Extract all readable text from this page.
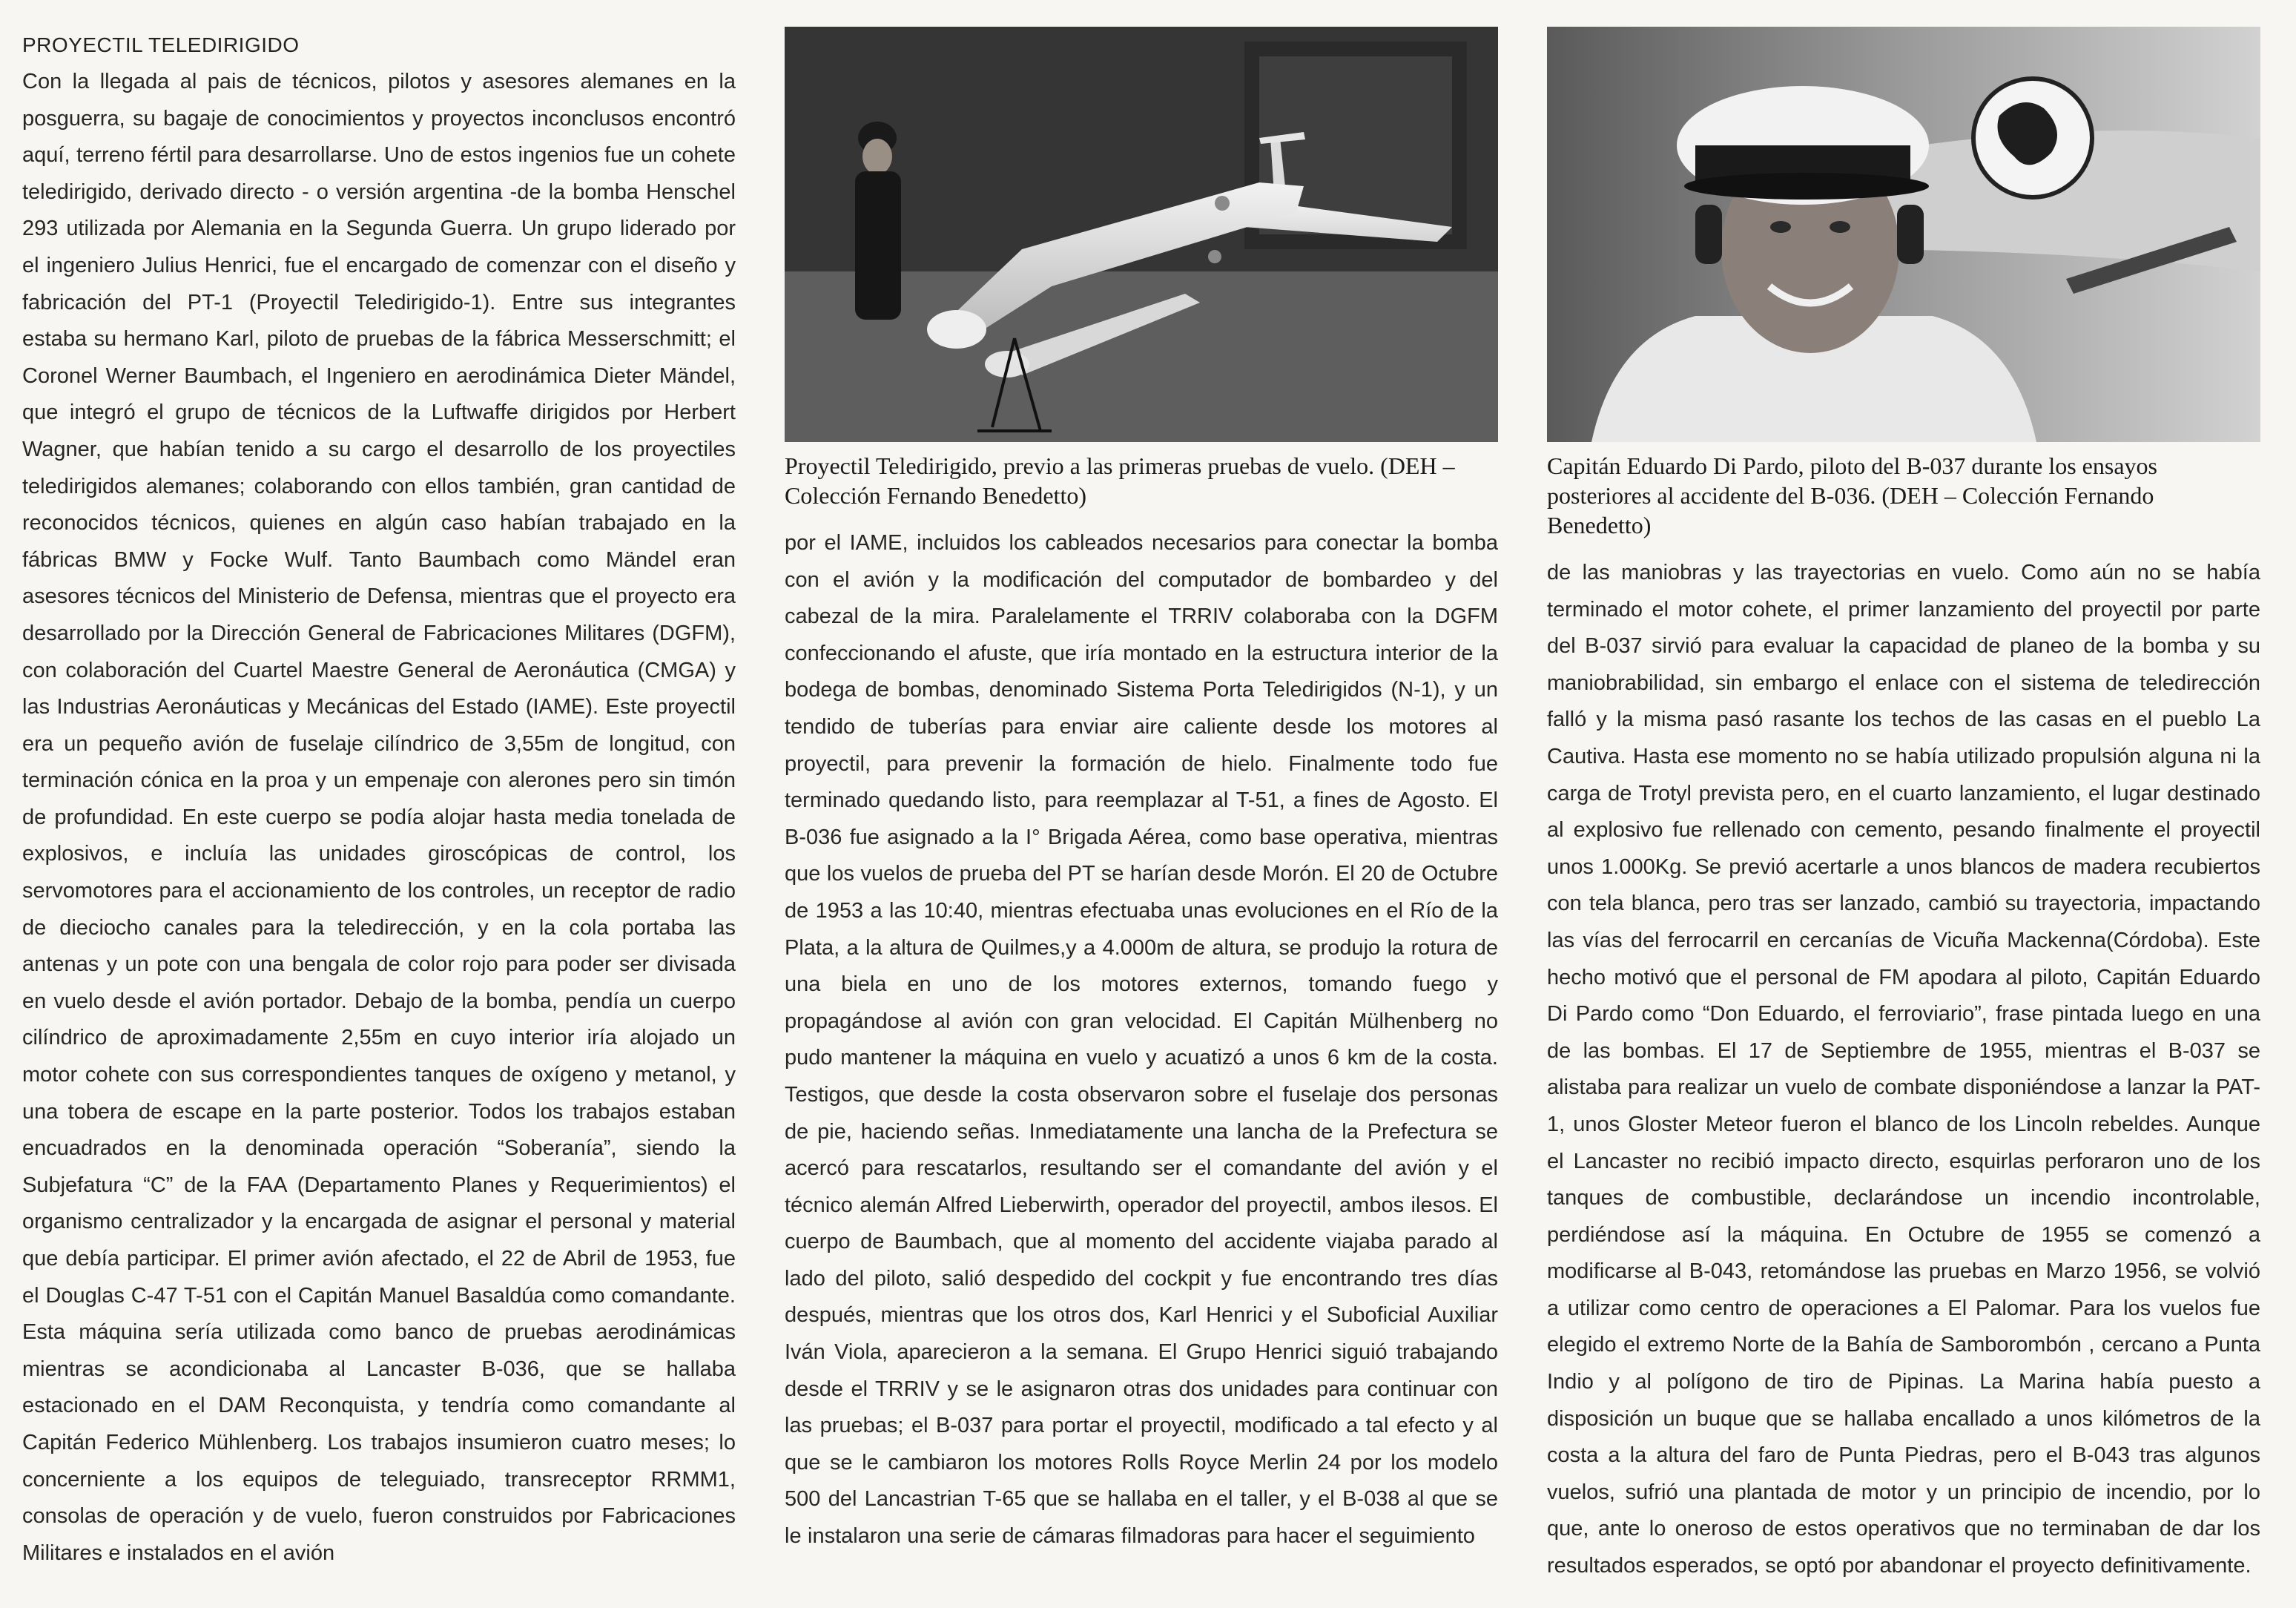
PROYECTIL TELEDIRIGIDO

Con la llegada al pais de técnicos, pilotos y asesores alemanes en la posguerra, su bagaje de conocimientos y proyectos inconclusos encontró aquí, terreno fértil para desarrollarse. Uno de estos ingenios fue un cohete teledirigido, derivado directo - o versión argentina -de la bomba Henschel 293 utilizada por Alemania en la Segunda Guerra. Un grupo liderado por el ingeniero Julius Henrici, fue el encargado de comenzar con el diseño y fabricación del PT-1 (Proyectil Teledirigido-1). Entre sus integrantes estaba su hermano Karl, piloto de pruebas de la fábrica Messerschmitt; el Coronel Werner Baumbach, el Ingeniero en aerodinámica Dieter Mändel, que integró el grupo de técnicos de la Luftwaffe dirigidos por Herbert Wagner, que habían tenido a su cargo el desarrollo de los proyectiles teledirigidos alemanes; colaborando con ellos también, gran cantidad de reconocidos técnicos, quienes en algún caso habían trabajado en la fábricas BMW y Focke Wulf. Tanto Baumbach como Mändel eran asesores técnicos del Ministerio de Defensa, mientras que el proyecto era desarrollado por la Dirección General de Fabricaciones Militares (DGFM), con colaboración del Cuartel Maestre General de Aeronáutica (CMGA) y las Industrias Aeronáuticas y Mecánicas del Estado (IAME). Este proyectil era un pequeño avión de fuselaje cilíndrico de 3,55m de longitud, con terminación cónica en la proa y un empenaje con alerones pero sin timón de profundidad. En este cuerpo se podía alojar hasta media tonelada de explosivos, e incluía las unidades giroscópicas de control, los servomotores para el accionamiento de los controles, un receptor de radio de dieciocho canales para la teledirección, y en la cola portaba las antenas y un pote con una bengala de color rojo para poder ser divisada en vuelo desde el avión portador. Debajo de la bomba, pendía un cuerpo cilíndrico de aproximadamente 2,55m en cuyo interior iría alojado un motor cohete con sus correspondientes tanques de oxígeno y metanol, y una tobera de escape en la parte posterior. Todos los trabajos estaban encuadrados en la denominada operación “Soberanía”, siendo la Subjefatura “C” de la FAA (Departamento Planes y Requerimientos) el organismo centralizador y la encargada de asignar el personal y material que debía participar. El primer avión afectado, el 22 de Abril de 1953, fue el Douglas C-47 T-51 con el Capitán Manuel Basaldúa como comandante. Esta máquina sería utilizada como banco de pruebas aerodinámicas mientras se acondicionaba al Lancaster B-036, que se hallaba estacionado en el DAM Reconquista, y tendría como comandante al Capitán Federico Mühlenberg. Los trabajos insumieron cuatro meses; lo concerniente a los equipos de teleguiado, transreceptor RRMM1, consolas de operación y de vuelo, fueron construidos por Fabricaciones Militares e instalados en el avión

Proyectil Teledirigido, previo a las primeras pruebas de vuelo. (DEH – Colección Fernando Benedetto)

por el IAME, incluidos los cableados necesarios para conectar la bomba con el avión y la modificación del computador de bombardeo y del cabezal de la mira. Paralelamente el TRRIV colaboraba con la DGFM confeccionando el afuste, que iría montado en la estructura interior de la bodega de bombas, denominado Sistema Porta Teledirigidos (N-1), y un tendido de tuberías para enviar aire caliente desde los motores al proyectil, para prevenir la formación de hielo. Finalmente todo fue terminado quedando listo, para reemplazar al T-51, a fines de Agosto. El B-036 fue asignado a la I° Brigada Aérea, como base operativa, mientras que los vuelos de prueba del PT se harían desde Morón. El 20 de Octubre de 1953 a las 10:40, mientras efectuaba unas evoluciones en el Río de la Plata, a la altura de Quilmes,y a 4.000m de altura, se produjo la rotura de una biela en uno de los motores externos, tomando fuego y propagándose al avión con gran velocidad. El Capitán Mülhenberg no pudo mantener la máquina en vuelo y acuatizó a unos 6 km de la costa. Testigos, que desde la costa observaron sobre el fuselaje dos personas de pie, haciendo señas. Inmediatamente una lancha de la Prefectura se acercó para rescatarlos, resultando ser el comandante del avión y el técnico alemán Alfred Lieberwirth, operador del proyectil, ambos ilesos. El cuerpo de Baumbach, que al momento del accidente viajaba parado al lado del piloto, salió despedido del cockpit y fue encontrando tres días después, mientras que los otros dos, Karl Henrici y el Suboficial Auxiliar Iván Viola, aparecieron a la semana. El Grupo Henrici siguió trabajando desde el TRRIV y se le asignaron otras dos unidades para continuar con las pruebas; el B-037 para portar el proyectil, modificado a tal efecto y al que se le cambiaron los motores Rolls Royce Merlin 24 por los modelo 500 del Lancastrian T-65 que se hallaba en el taller, y el B-038 al que se le instalaron una serie de cámaras filmadoras para hacer el seguimiento

Capitán Eduardo Di Pardo, piloto del B-037 durante los ensayos posteriores al accidente del B-036. (DEH – Colección Fernando Benedetto)

de las maniobras y las trayectorias en vuelo. Como aún no se había terminado el motor cohete, el primer lanzamiento del proyectil por parte del B-037 sirvió para evaluar la capacidad de planeo de la bomba y su maniobrabilidad, sin embargo el enlace con el sistema de teledirección falló y la misma pasó rasante los techos de las casas en el pueblo La Cautiva. Hasta ese momento no se había utilizado propulsión alguna ni la carga de Trotyl prevista pero, en el cuarto lanzamiento, el lugar destinado al explosivo fue rellenado con cemento, pesando finalmente el proyectil unos 1.000Kg. Se previó acertarle a unos blancos de madera recubiertos con tela blanca, pero tras ser lanzado, cambió su trayectoria, impactando las vías del ferrocarril en cercanías de Vicuña Mackenna(Córdoba). Este hecho motivó que el personal de FM apodara al piloto, Capitán Eduardo Di Pardo como “Don Eduardo, el ferroviario”, frase pintada luego en una de las bombas. El 17 de Septiembre de 1955, mientras el B-037 se alistaba para realizar un vuelo de combate disponiéndose a lanzar la PAT-1, unos Gloster Meteor fueron el blanco de los Lincoln rebeldes. Aunque el Lancaster no recibió impacto directo, esquirlas perforaron uno de los tanques de combustible, declarándose un incendio incontrolable, perdiéndose así la máquina. En Octubre de 1955 se comenzó a modificarse al B-043, retomándose las pruebas en Marzo 1956, se volvió a utilizar como centro de operaciones a El Palomar. Para los vuelos fue elegido el extremo Norte de la Bahía de Samborombón , cercano a Punta Indio y al polígono de tiro de Pipinas. La Marina había puesto a disposición un buque que se hallaba encallado a unos kilómetros de la costa a la altura del faro de Punta Piedras, pero el B-043 tras algunos vuelos, sufrió una plantada de motor y un principio de incendio, por lo que, ante lo oneroso de estos operativos que no terminaban de dar los resultados esperados, se optó por abandonar el proyecto definitivamente.
